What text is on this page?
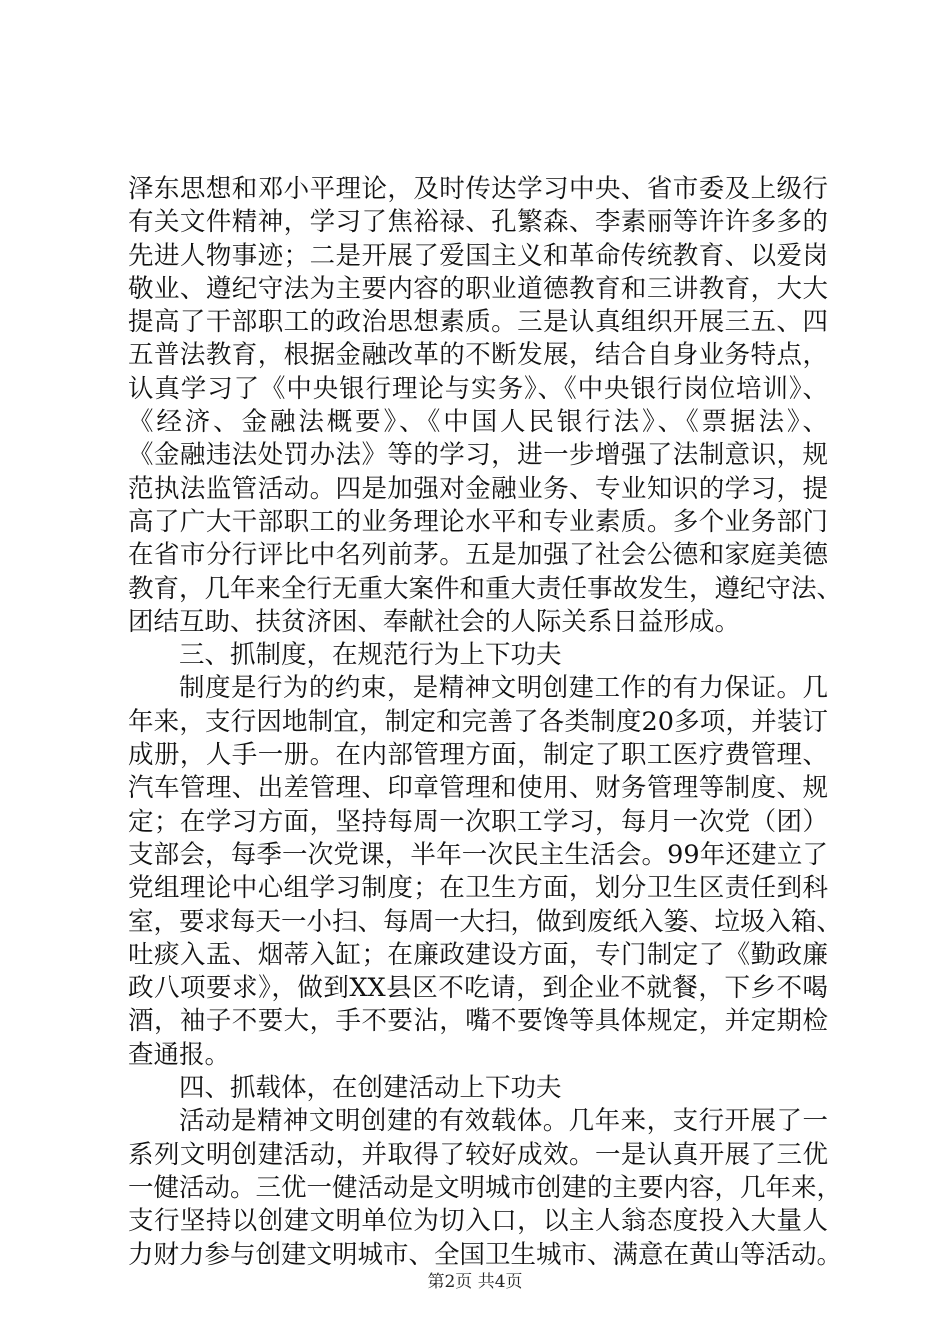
泽东思想和邓小平理论，及时传达学习中央、省市委及上级行
有关文件精神，学习了焦裕禄、孔繁森、李素丽等许许多多的
先进人物事迹；二是开展了爱国主义和革命传统教育、以爱岗
敬业、遵纪守法为主要内容的职业道德教育和三讲教育，大大
提高了干部职工的政治思想素质。三是认真组织开展三五、四
五普法教育，根据金融改革的不断发展，结合自身业务特点，
认真学习了《中央银行理论与实务》、《中央银行岗位培训》、
《经济、金融法概要》、《中国人民银行法》、《票据法》、
《金融违法处罚办法》等的学习，进一步增强了法制意识，规
范执法监管活动。四是加强对金融业务、专业知识的学习，提
高了广大干部职工的业务理论水平和专业素质。多个业务部门
在省市分行评比中名列前茅。五是加强了社会公德和家庭美德
教育，几年来全行无重大案件和重大责任事故发生，遵纪守法、
团结互助、扶贫济困、奉献社会的人际关系日益形成。
三、抓制度，在规范行为上下功夫
制度是行为的约束，是精神文明创建工作的有力保证。几
年来，支行因地制宜，制定和完善了各类制度20多项，并装订
成册，人手一册。在内部管理方面，制定了职工医疗费管理、
汽车管理、出差管理、印章管理和使用、财务管理等制度、规
定；在学习方面，坚持每周一次职工学习，每月一次党（团）
支部会，每季一次党课，半年一次民主生活会。99年还建立了
党组理论中心组学习制度；在卫生方面，划分卫生区责任到科
室，要求每天一小扫、每周一大扫，做到废纸入篓、垃圾入箱、
吐痰入盂、烟蒂入缸；在廉政建设方面，专门制定了《勤政廉
政八项要求》，做到XX县区不吃请，到企业不就餐，下乡不喝
酒，袖子不要大，手不要沾，嘴不要馋等具体规定，并定期检
查通报。
四、抓载体，在创建活动上下功夫
活动是精神文明创建的有效载体。几年来，支行开展了一
系列文明创建活动，并取得了较好成效。一是认真开展了三优
一健活动。三优一健活动是文明城市创建的主要内容，几年来，
支行坚持以创建文明单位为切入口，以主人翁态度投入大量人
力财力参与创建文明城市、全国卫生城市、满意在黄山等活动。
第2页 共4页
